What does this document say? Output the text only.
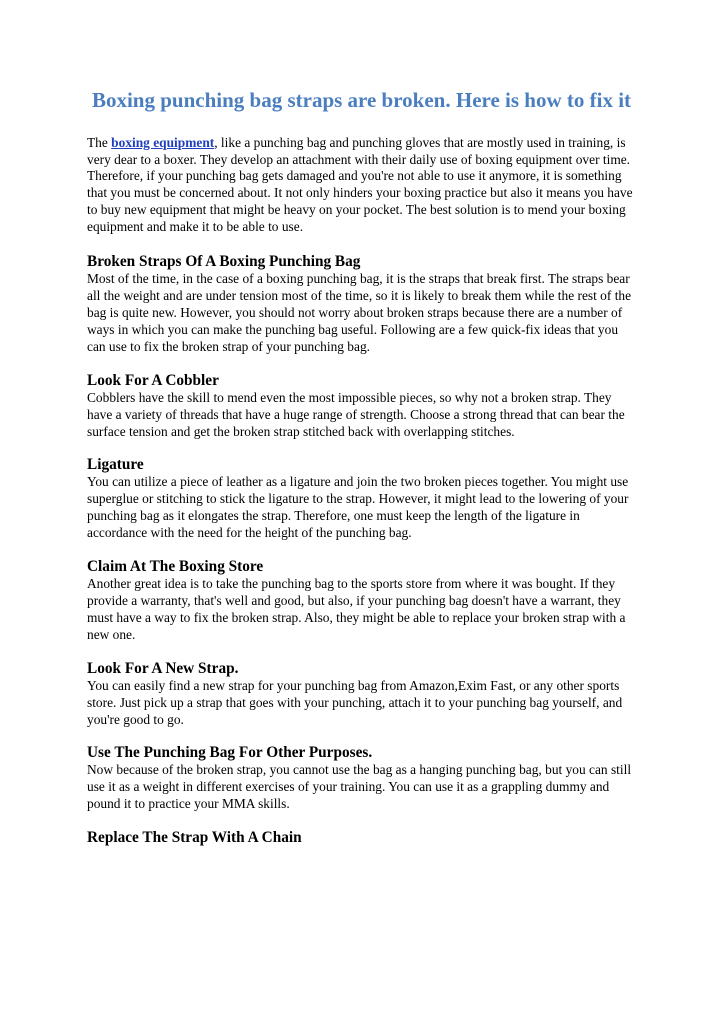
Boxing punching bag straps are broken. Here is how to fix it

The boxing equipment, like a punching bag and punching gloves that are mostly used in training, is very dear to a boxer. They develop an attachment with their daily use of boxing equipment over time. Therefore, if your punching bag gets damaged and you're not able to use it anymore, it is something that you must be concerned about. It not only hinders your boxing practice but also it means you have to buy new equipment that might be heavy on your pocket. The best solution is to mend your boxing equipment and make it to be able to use.

Broken Straps Of A Boxing Punching Bag

Most of the time, in the case of a boxing punching bag, it is the straps that break first. The straps bear all the weight and are under tension most of the time, so it is likely to break them while the rest of the bag is quite new. However, you should not worry about broken straps because there are a number of ways in which you can make the punching bag useful. Following are a few quick-fix ideas that you can use to fix the broken strap of your punching bag.

Look For A Cobbler

Cobblers have the skill to mend even the most impossible pieces, so why not a broken strap. They have a variety of threads that have a huge range of strength. Choose a strong thread that can bear the surface tension and get the broken strap stitched back with overlapping stitches.

Ligature

You can utilize a piece of leather as a ligature and join the two broken pieces together. You might use superglue or stitching to stick the ligature to the strap. However, it might lead to the lowering of your punching bag as it elongates the strap. Therefore, one must keep the length of the ligature in accordance with the need for the height of the punching bag.

Claim At The Boxing Store

Another great idea is to take the punching bag to the sports store from where it was bought. If they provide a warranty, that's well and good, but also, if your punching bag doesn't have a warrant, they must have a way to fix the broken strap. Also, they might be able to replace your broken strap with a new one.

Look For A New Strap.

You can easily find a new strap for your punching bag from Amazon,Exim Fast, or any other sports store. Just pick up a strap that goes with your punching, attach it to your punching bag yourself, and you're good to go.

Use The Punching Bag For Other Purposes.

Now because of the broken strap, you cannot use the bag as a hanging punching bag, but you can still use it as a weight in different exercises of your training. You can use it as a grappling dummy and pound it to practice your MMA skills.

Replace The Strap With A Chain
